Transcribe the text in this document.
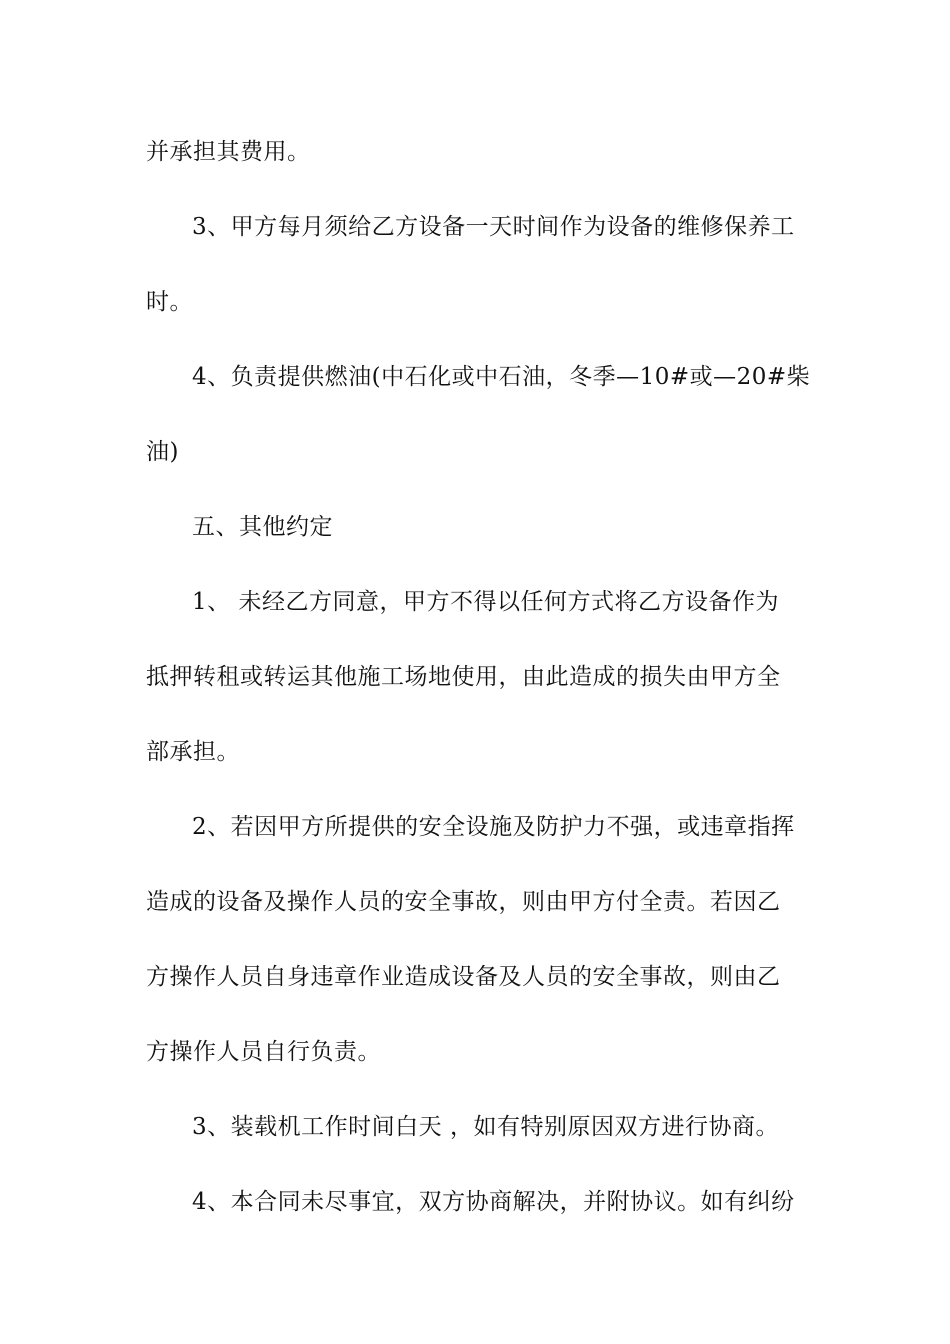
并承担其费用。
3、甲方每月须给乙方设备一天时间作为设备的维修保养工
时。
4、负责提供燃油(中石化或中石油，冬季—10#或—20#柴
油)
五、其他约定
1、 未经乙方同意，甲方不得以任何方式将乙方设备作为
抵押转租或转运其他施工场地使用，由此造成的损失由甲方全
部承担。
2、若因甲方所提供的安全设施及防护力不强，或违章指挥
造成的设备及操作人员的安全事故，则由甲方付全责。若因乙
方操作人员自身违章作业造成设备及人员的安全事故，则由乙
方操作人员自行负责。
3、装载机工作时间白天 ，如有特别原因双方进行协商。
4、本合同未尽事宜，双方协商解决，并附协议。如有纠纷
